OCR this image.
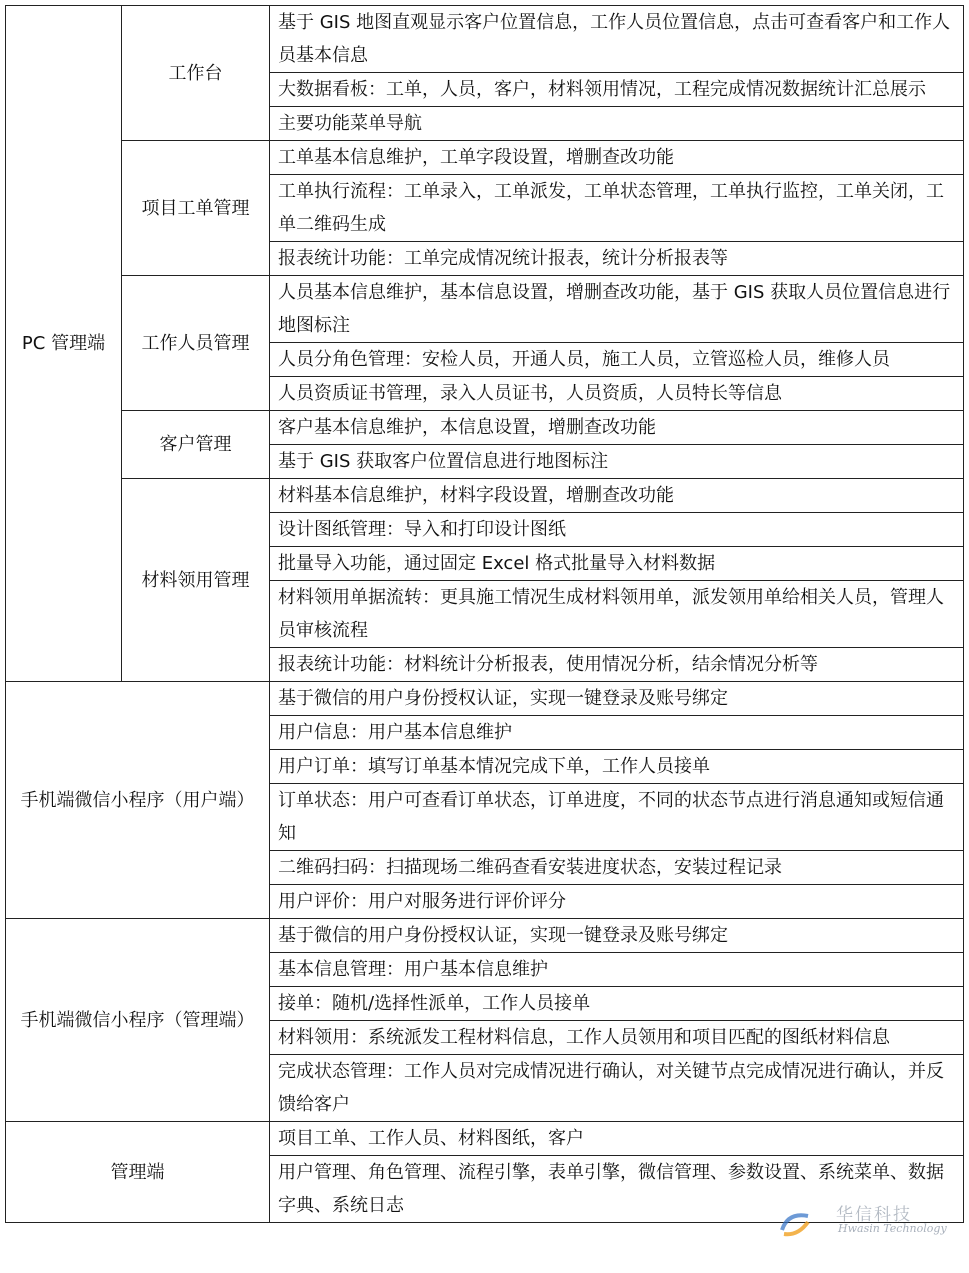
PC 管理端	工作台	基于 GIS 地图直观显示客户位置信息，工作人员位置信息，点击可查看客户和工作人员基本信息
		大数据看板：工单，人员，客户，材料领用情况，工程完成情况数据统计汇总展示
		主要功能菜单导航
	项目工单管理	工单基本信息维护，工单字段设置，增删查改功能
		工单执行流程：工单录入，工单派发，工单状态管理，工单执行监控，工单关闭，工单二维码生成
		报表统计功能：工单完成情况统计报表，统计分析报表等
	工作人员管理	人员基本信息维护，基本信息设置，增删查改功能，基于 GIS 获取人员位置信息进行地图标注
		人员分角色管理：安检人员，开通人员，施工人员，立管巡检人员，维修人员
		人员资质证书管理，录入人员证书，人员资质，人员特长等信息
	客户管理	客户基本信息维护，本信息设置，增删查改功能
		基于 GIS 获取客户位置信息进行地图标注
	材料领用管理	材料基本信息维护，材料字段设置，增删查改功能
		设计图纸管理：导入和打印设计图纸
		批量导入功能，通过固定 Excel 格式批量导入材料数据
		材料领用单据流转：更具施工情况生成材料领用单，派发领用单给相关人员，管理人员审核流程
		报表统计功能：材料统计分析报表，使用情况分析，结余情况分析等
手机端微信小程序（用户端）		基于微信的用户身份授权认证，实现一键登录及账号绑定
		用户信息：用户基本信息维护
		用户订单：填写订单基本情况完成下单，工作人员接单
		订单状态：用户可查看订单状态，订单进度，不同的状态节点进行消息通知或短信通知
		二维码扫码：扫描现场二维码查看安装进度状态，安装过程记录
		用户评价：用户对服务进行评价评分
手机端微信小程序（管理端）		基于微信的用户身份授权认证，实现一键登录及账号绑定
		基本信息管理：用户基本信息维护
		接单：随机/选择性派单，工作人员接单
		材料领用：系统派发工程材料信息，工作人员领用和项目匹配的图纸材料信息
		完成状态管理：工作人员对完成情况进行确认，对关键节点完成情况进行确认，并反馈给客户
管理端		项目工单、工作人员、材料图纸，客户
		用户管理、角色管理、流程引擎，表单引擎，微信管理、参数设置、系统菜单、数据字典、系统日志	华信科技
Hwasin Technology
